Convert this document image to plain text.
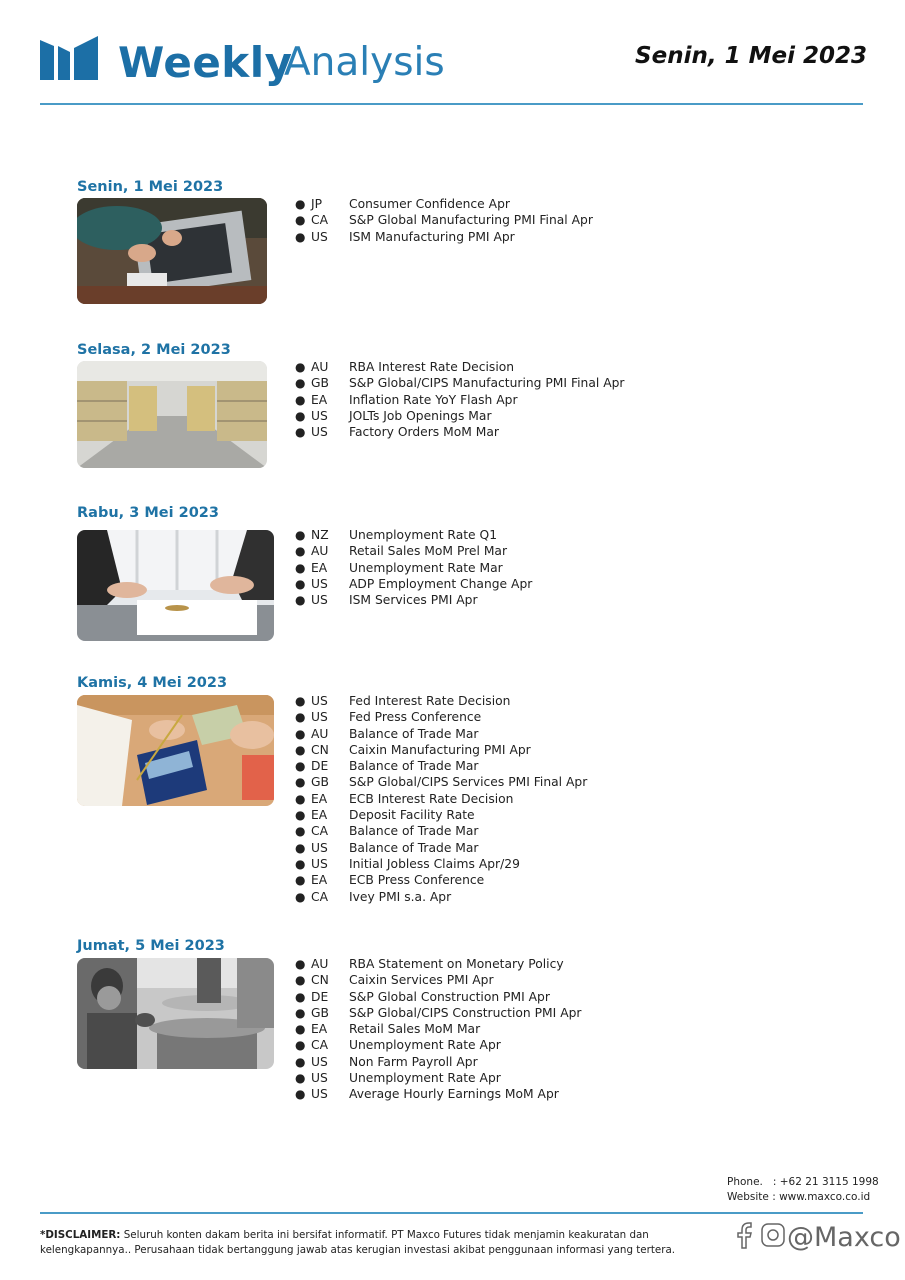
Weekly
Analysis	Senin, 1 Mei 2023
Senin, 1 Mei 2023
● JP Consumer Confidence Apr
● CA S&P Global Manufacturing PMI Final Apr
● US ISM Manufacturing PMI Apr
Selasa, 2 Mei 2023
● AU RBA Interest Rate Decision
● GB S&P Global/CIPS Manufacturing PMI Final Apr
● EA Inflation Rate YoY Flash Apr
● US JOLTs Job Openings Mar
● US Factory Orders MoM Mar
Rabu, 3 Mei 2023
● NZ Unemployment Rate Q1
● AU Retail Sales MoM Prel Mar
● EA Unemployment Rate Mar
● US ADP Employment Change Apr
● US ISM Services PMI Apr
Kamis, 4 Mei 2023
● US Fed Interest Rate Decision
● US Fed Press Conference
● AU Balance of Trade Mar
● CN Caixin Manufacturing PMI Apr
● DE Balance of Trade Mar
● GB S&P Global/CIPS Services PMI Final Apr
● EA ECB Interest Rate Decision
● EA Deposit Facility Rate
● CA Balance of Trade Mar
● US Balance of Trade Mar
● US Initial Jobless Claims Apr/29
● EA ECB Press Conference
● CA Ivey PMI s.a. Apr
Jumat, 5 Mei 2023
● AU RBA Statement on Monetary Policy
● CN Caixin Services PMI Apr
● DE S&P Global Construction PMI Apr
● GB S&P Global/CIPS Construction PMI Apr
● EA Retail Sales MoM Mar
● CA Unemployment Rate Apr
● US Non Farm Payroll Apr
● US Unemployment Rate Apr
● US Average Hourly Earnings MoM Apr
Phone.   : +62 21 3115 1998
Website : www.maxco.co.id
*DISCLAIMER: Seluruh konten dakam berita ini bersifat informatif. PT Maxco Futures tidak menjamin keakuratan dan kelengkapannya.. Perusahaan tidak bertanggung jawab atas kerugian investasi akibat penggunaan informasi yang tertera.	@Maxco
